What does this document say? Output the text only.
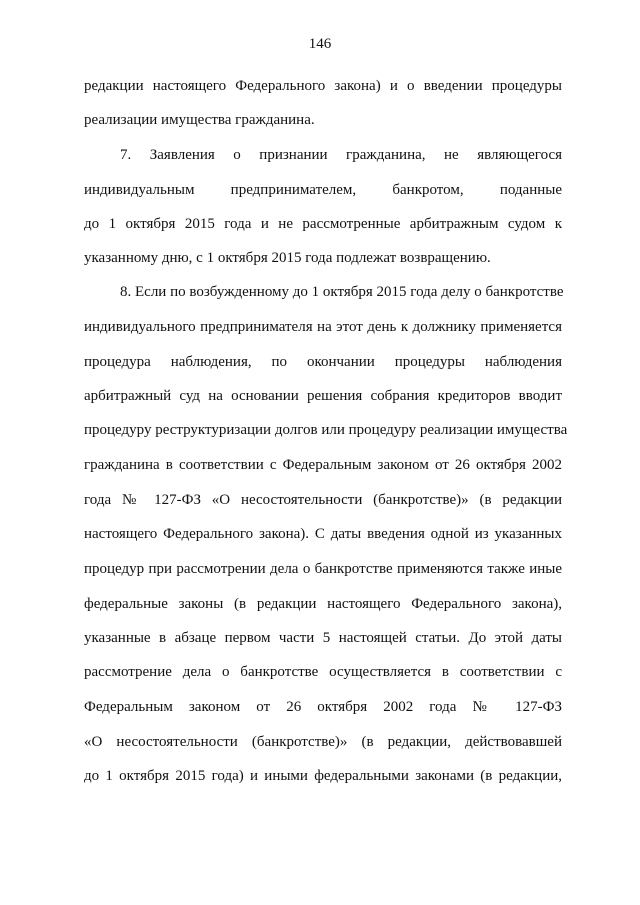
146
редакции настоящего Федерального закона) и о введении процедуры
реализации имущества гражданина.
7. Заявления о признании гражданина, не являющегося
индивидуальным предпринимателем, банкротом, поданные
до 1 октября 2015 года и не рассмотренные арбитражным судом к
указанному дню, с 1 октября 2015 года подлежат возвращению.
8. Если по возбужденному до 1 октября 2015 года делу о банкротстве
индивидуального предпринимателя на этот день к должнику применяется
процедура наблюдения, по окончании процедуры наблюдения
арбитражный суд на основании решения собрания кредиторов вводит
процедуру реструктуризации долгов или процедуру реализации имущества
гражданина в соответствии с Федеральным законом от 26 октября 2002
года № 127-ФЗ «О несостоятельности (банкротстве)» (в редакции
настоящего Федерального закона). С даты введения одной из указанных
процедур при рассмотрении дела о банкротстве применяются также иные
федеральные законы (в редакции настоящего Федерального закона),
указанные в абзаце первом части 5 настоящей статьи. До этой даты
рассмотрение дела о банкротстве осуществляется в соответствии с
Федеральным законом от 26 октября 2002 года № 127-ФЗ
«О несостоятельности (банкротстве)» (в редакции, действовавшей
до 1 октября 2015 года) и иными федеральными законами (в редакции,
